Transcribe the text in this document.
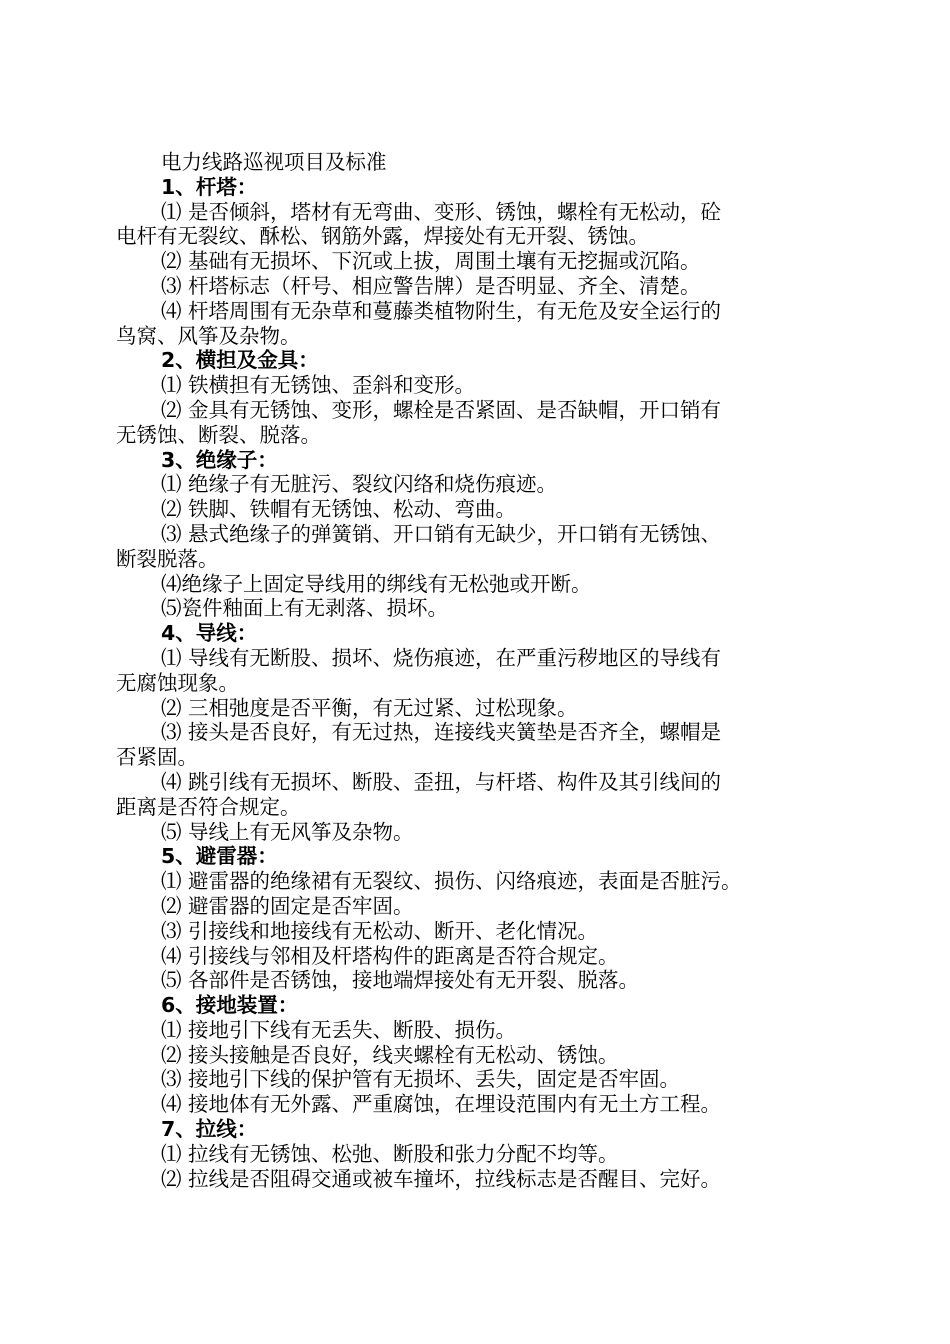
电力线路巡视项目及标准
1、杆塔：
⑴ 是否倾斜，塔材有无弯曲、变形、锈蚀，螺栓有无松动，砼
电杆有无裂纹、酥松、钢筋外露，焊接处有无开裂、锈蚀。
⑵ 基础有无损坏、下沉或上拔，周围土壤有无挖掘或沉陷。
⑶ 杆塔标志（杆号、相应警告牌）是否明显、齐全、清楚。
⑷ 杆塔周围有无杂草和蔓藤类植物附生，有无危及安全运行的
鸟窝、风筝及杂物。
2、横担及金具：
⑴ 铁横担有无锈蚀、歪斜和变形。
⑵ 金具有无锈蚀、变形，螺栓是否紧固、是否缺帽，开口销有
无锈蚀、断裂、脱落。
3、绝缘子：
⑴ 绝缘子有无脏污、裂纹闪络和烧伤痕迹。
⑵ 铁脚、铁帽有无锈蚀、松动、弯曲。
⑶ 悬式绝缘子的弹簧销、开口销有无缺少，开口销有无锈蚀、
断裂脱落。
⑷绝缘子上固定导线用的绑线有无松弛或开断。
⑸瓷件釉面上有无剥落、损坏。
4、导线：
⑴ 导线有无断股、损坏、烧伤痕迹，在严重污秽地区的导线有
无腐蚀现象。
⑵ 三相弛度是否平衡，有无过紧、过松现象。
⑶ 接头是否良好，有无过热，连接线夹簧垫是否齐全，螺帽是
否紧固。
⑷ 跳引线有无损坏、断股、歪扭，与杆塔、构件及其引线间的
距离是否符合规定。
⑸ 导线上有无风筝及杂物。
5、避雷器：
⑴ 避雷器的绝缘裙有无裂纹、损伤、闪络痕迹，表面是否脏污。
⑵ 避雷器的固定是否牢固。
⑶ 引接线和地接线有无松动、断开、老化情况。
⑷ 引接线与邻相及杆塔构件的距离是否符合规定。
⑸ 各部件是否锈蚀，接地端焊接处有无开裂、脱落。
6、接地装置：
⑴ 接地引下线有无丢失、断股、损伤。
⑵ 接头接触是否良好，线夹螺栓有无松动、锈蚀。
⑶ 接地引下线的保护管有无损坏、丢失，固定是否牢固。
⑷ 接地体有无外露、严重腐蚀，在埋设范围内有无土方工程。
7、拉线：
⑴ 拉线有无锈蚀、松弛、断股和张力分配不均等。
⑵ 拉线是否阻碍交通或被车撞坏，拉线标志是否醒目、完好。
